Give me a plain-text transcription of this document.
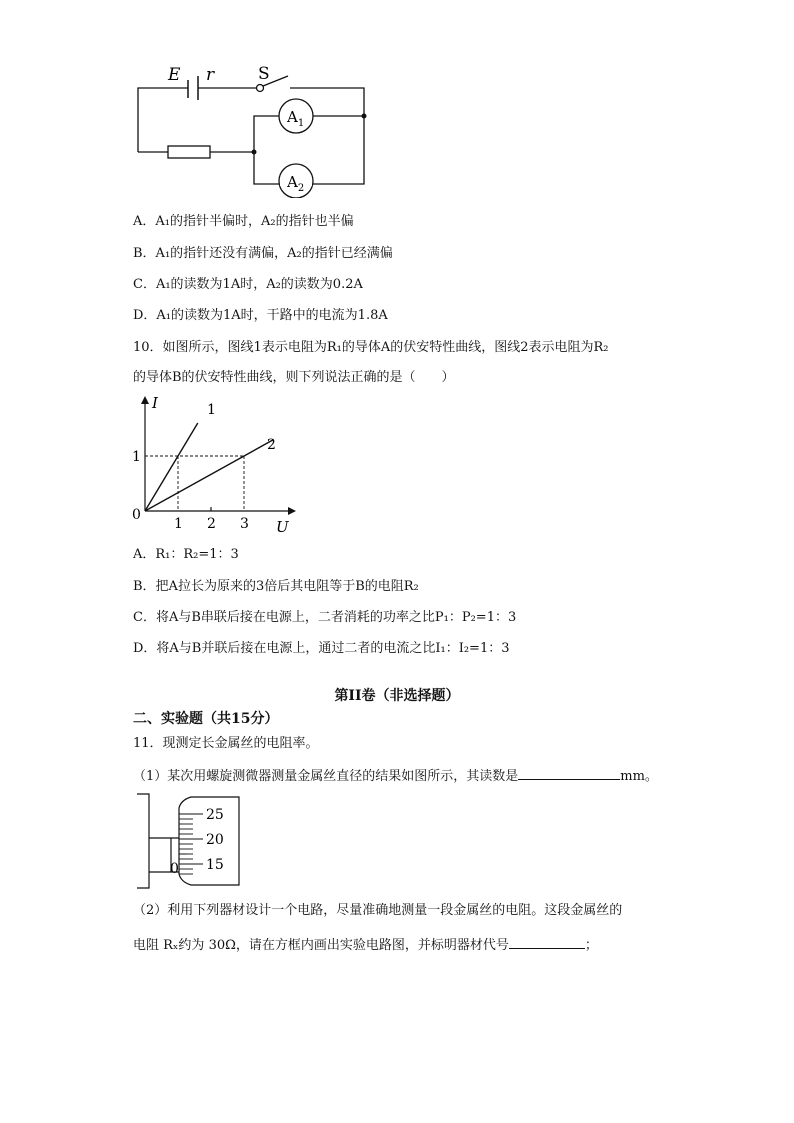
E r	S
$A_1$
$A_2$
A．A₁的指针半偏时，A₂的指针也半偏
B．A₁的指针还没有满偏，A₂的指针已经满偏
C．A₁的读数为1A时，A₂的读数为0.2A
D．A₁的读数为1A时，干路中的电流为1.8A
10．如图所示，图线1表示电阻为R₁的导体A的伏安特性曲线，图线2表示电阻为R₂
的导体B的伏安特性曲线，则下列说法正确的是（　　）
I
U
0
1
1 2 3
1
2
A．R₁：R₂=1：3
B．把A拉长为原来的3倍后其电阻等于B的电阻R₂
C．将A与B串联后接在电源上，二者消耗的功率之比P₁：P₂=1：3
D．将A与B并联后接在电源上，通过二者的电流之比I₁：I₂=1：3
第II卷（非选择题）
二、实验题（共15分）
11．现测定长金属丝的电阻率。
（1）某次用螺旋测微器测量金属丝直径的结果如图所示，其读数是	mm。
25
20
15
0
（2）利用下列器材设计一个电路，尽量准确地测量一段金属丝的电阻。这段金属丝的
电阻 Rₓ约为 30Ω，请在方框内画出实验电路图，并标明器材代号	；
